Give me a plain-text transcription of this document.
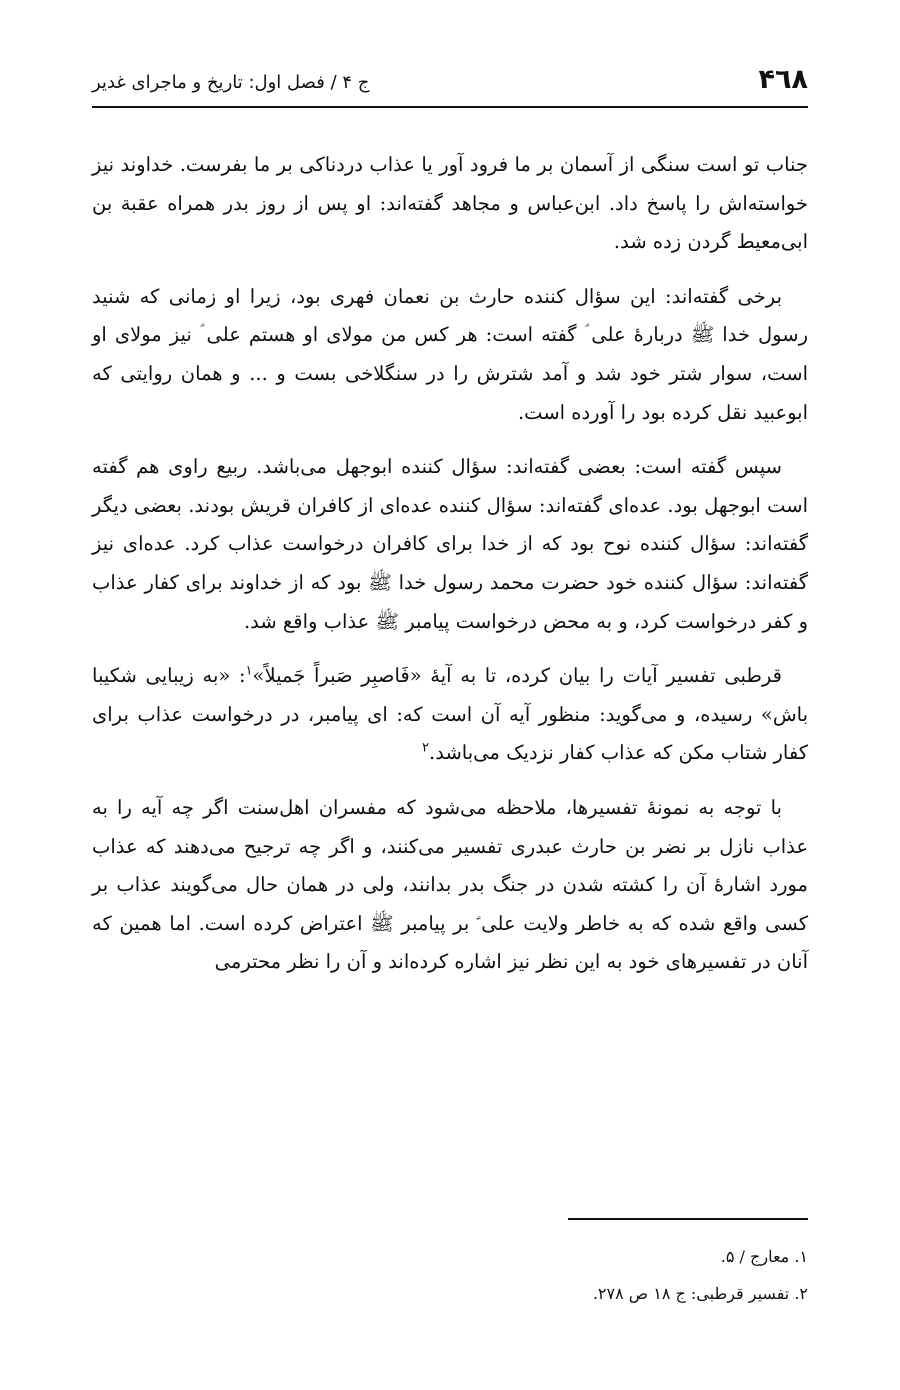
۴٦۸
ج ۴ / فصل اول: تاریخ و ماجرای غدیر

جناب تو است سنگی از آسمان بر ما فرود آور یا عذاب دردناکی بر ما بفرست. خداوند نیز خواسته‌اش را پاسخ داد. ابن‌عباس و مجاهد گفته‌اند: او پس از روز بدر همراه عقبة بن ابی‌معیط گردن زده شد.

برخی گفته‌اند: این سؤال کننده حارث بن نعمان فهری بود، زیرا او زمانی که شنید رسول خدا ﷺ دربارهٔ علی ؑ گفته است: هر کس من مولای او هستم علی ؑ نیز مولای او است، سوار شتر خود شد و آمد شترش را در سنگلاخی بست و ... و همان روایتی که ابوعبید نقل کرده بود را آورده است.

سپس گفته است: بعضی گفته‌اند: سؤال کننده ابوجهل می‌باشد. ربیع راوی هم گفته است ابوجهل بود. عده‌ای گفته‌اند: سؤال کننده عده‌ای از کافران قریش بودند. بعضی دیگر گفته‌اند: سؤال کننده نوح بود که از خدا برای کافران درخواست عذاب کرد. عده‌ای نیز گفته‌اند: سؤال کننده خود حضرت محمد رسول خدا ﷺ بود که از خداوند برای کفار عذاب و کفر درخواست کرد، و به محض درخواست پیامبر ﷺ عذاب واقع شد.

قرطبی تفسیر آیات را بیان کرده، تا به آیهٔ «فَاصبِر صَبراً جَمیلاً»$^۱$: «به زیبایی شکیبا باش» رسیده، و می‌گوید: منظور آیه آن است که: ای پیامبر، در درخواست عذاب برای کفار شتاب مکن که عذاب کفار نزدیک می‌باشد.$^۲$

با توجه به نمونهٔ تفسیرها، ملاحظه می‌شود که مفسران اهل‌سنت اگر چه آیه را به عذاب نازل بر نضر بن حارث عبدری تفسیر می‌کنند، و اگر چه ترجیح می‌دهند که عذاب مورد اشارهٔ آن را کشته شدن در جنگ بدر بدانند، ولی در همان حال می‌گویند عذاب بر کسی واقع شده که به خاطر ولایت علی ؑ بر پیامبر ﷺ اعتراض کرده است. اما همین که آنان در تفسیرهای خود به این نظر نیز اشاره کرده‌اند و آن را نظر محترمی

۱. معارج / ۵.
۲. تفسیر قرطبی: ج ۱۸ ص ۲۷۸.
